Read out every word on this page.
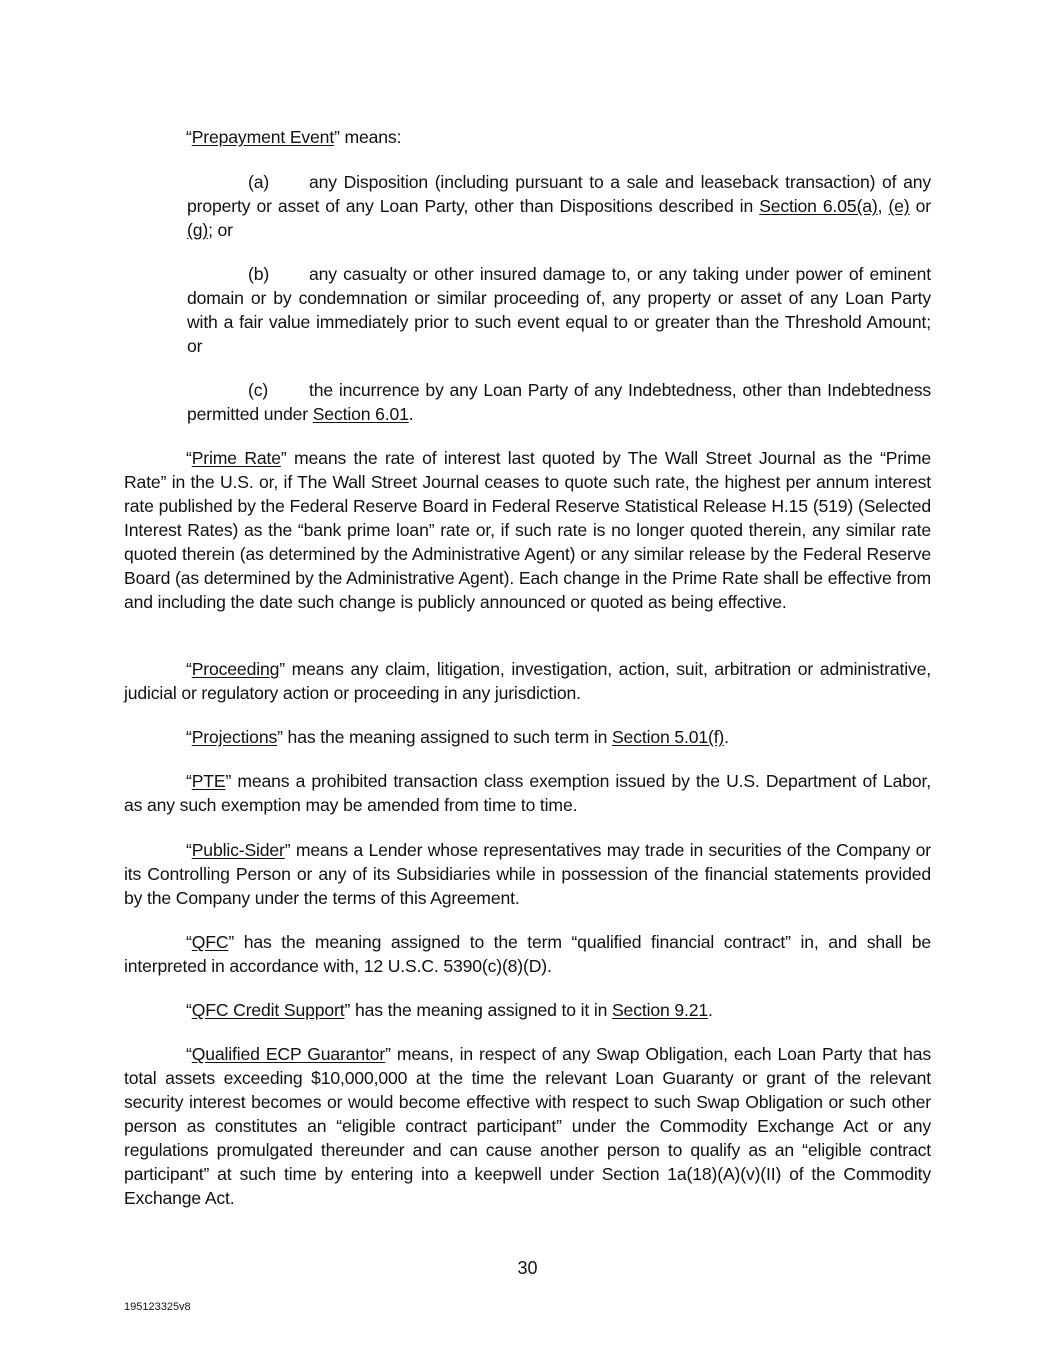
“Prepayment Event” means:
(a) any Disposition (including pursuant to a sale and leaseback transaction) of any property or asset of any Loan Party, other than Dispositions described in Section 6.05(a), (e) or (g); or
(b) any casualty or other insured damage to, or any taking under power of eminent domain or by condemnation or similar proceeding of, any property or asset of any Loan Party with a fair value immediately prior to such event equal to or greater than the Threshold Amount; or
(c) the incurrence by any Loan Party of any Indebtedness, other than Indebtedness permitted under Section 6.01.
“Prime Rate” means the rate of interest last quoted by The Wall Street Journal as the “Prime Rate” in the U.S. or, if The Wall Street Journal ceases to quote such rate, the highest per annum interest rate published by the Federal Reserve Board in Federal Reserve Statistical Release H.15 (519) (Selected Interest Rates) as the “bank prime loan” rate or, if such rate is no longer quoted therein, any similar rate quoted therein (as determined by the Administrative Agent) or any similar release by the Federal Reserve Board (as determined by the Administrative Agent). Each change in the Prime Rate shall be effective from and including the date such change is publicly announced or quoted as being effective.
“Proceeding” means any claim, litigation, investigation, action, suit, arbitration or administrative, judicial or regulatory action or proceeding in any jurisdiction.
“Projections” has the meaning assigned to such term in Section 5.01(f).
“PTE” means a prohibited transaction class exemption issued by the U.S. Department of Labor, as any such exemption may be amended from time to time.
“Public-Sider” means a Lender whose representatives may trade in securities of the Company or its Controlling Person or any of its Subsidiaries while in possession of the financial statements provided by the Company under the terms of this Agreement.
“QFC” has the meaning assigned to the term “qualified financial contract” in, and shall be interpreted in accordance with, 12 U.S.C. 5390(c)(8)(D).
“QFC Credit Support” has the meaning assigned to it in Section 9.21.
“Qualified ECP Guarantor” means, in respect of any Swap Obligation, each Loan Party that has total assets exceeding $10,000,000 at the time the relevant Loan Guaranty or grant of the relevant security interest becomes or would become effective with respect to such Swap Obligation or such other person as constitutes an “eligible contract participant” under the Commodity Exchange Act or any regulations promulgated thereunder and can cause another person to qualify as an “eligible contract participant” at such time by entering into a keepwell under Section 1a(18)(A)(v)(II) of the Commodity Exchange Act.
30
195123325v8
